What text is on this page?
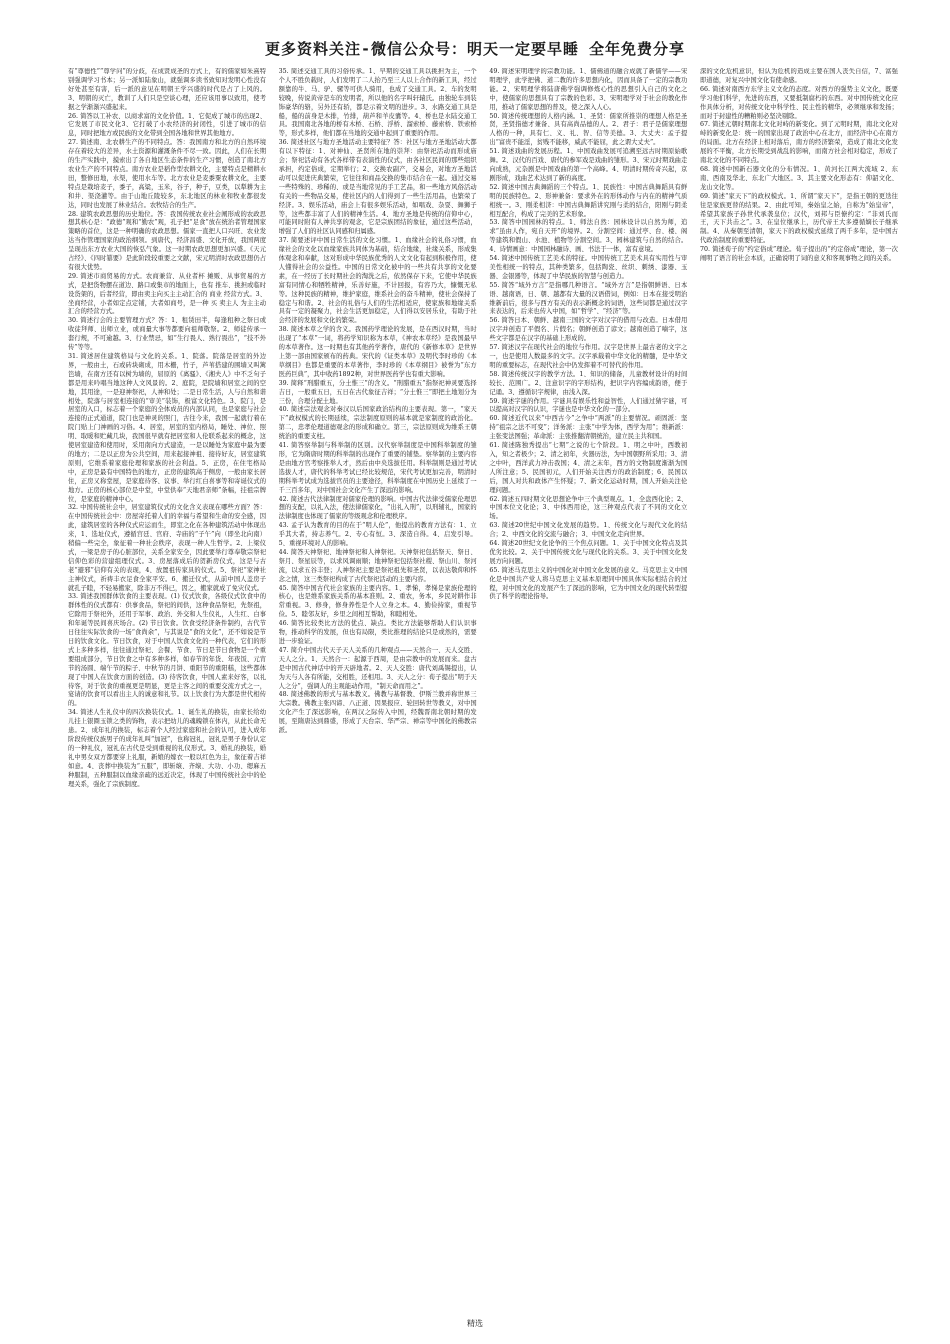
更多资料关注-微信公众号：明天一定要早睡 全年免费分享

有“尊德性”“尊学问”的分歧，在成贤成圣的方式上，有的儒家如朱熹特别强调学习书本；另一派如陆象山，就强调多读书致知对发明心性没有好处甚至有害，后一派的意见在明朝王学兴盛的时代是占了上风的。3、明朝的灭亡，教训了人们只是空谈心理，还应该用事以致用，使考据之学渐渐兴盛起来。

26. 简答以工补农、以商求富的文化价值。1、它促成了城市的出现2、它发展了市民文化3、它打破了小农经济的封闭性，引进了城市的信息，同时把地方或民族的文化带到全国各地和世界其他地方。

27. 简述南、北农耕生产的不同特点。答：我国南方和北方的自然环境存在着较大的差异，水土资源和灌溉条件不尽一致。因此，人们在长期的生产实践中，摸索出了各自地区生态条件的生产习惯，创造了南北方农业生产的不同特点。南方农业是稻作型农耕文化，主要特点是精耕水田，整修田地，水渠，使用水车等。北方农业是麦黍粟农耕文化，主要特点是栽培麦子，黍子，高粱，玉米，谷子，种子，豆类，以犁耕为主和井、渠浇灌等。由于山地丘陵较多，东北地区的林业和牧业都很发达，同时也发展了林业结合。农牧结合的生产。

28. 建筑农政思想的历史地位。答：我国传统农业社会阐形成的农政思想其核心是：“政德”观和“勤农”观，孔子把“足食”放在统治者管理国家策略的首位，这是一种明确的农政思想。儒家一直把人口兴旺、农业发达当作管理国家的政治纲领。到唐代，经济昌盛、文化开放，我国两度呈现出东方农业大国的恢弘气象。这一时期农政思想更加兴盛。《天元占经》、《四时纂要》是此阶段较重要之文献，宋元明清时农政思想仍占有很大优势。

29. 简述市商贸易的方式。农商兼营、从业者杯 摊贩、从事贸易的方式，是把货物摆在道边、路口或集市的地面上，也有 推车、挑担或临时设货架的，后者经营，即由卖主向买主主动汇合的 商业 经营方式。3、坐商经营，小者如定点定铺，大者如商号，是一种 买 卖主人 为主主动汇合的经营方式。

30. 简述行会的主要管理方式？答：1、租赁田半，每逢租种之祭日或收徒拜师、出师立业，或商量大事等都要向祖师敬祭。2、师徒传承一套行规，不可逾越。3、行业禁忌，如“生行畏人、熟行畏出”，“技不外传”等等。

31. 简述居住建筑格局与文化的关系。1、院落。院落是居室的外边界，一般由土，石或砖块砌成，用木栅，竹子，芦苇搭建的围墙又叫篱笆墙，在南方还有以树为墙的，屈原的《离骚》、《湘夫人》中不乏句子都是用来吟唱当地这种人文风景的。2、庭院，是院墙和居室之间的空地，其用途，一是迎神祭祀，人神和处；二是日常生活，人与自然和谐相处，院落与居室相连接的“审美”装饰，极富文化特色。3、院门，是居室的入口，标志着一个家庭的全体成员的内部认同，也是家庭与社会连接的正式通道，院门也是神灵的照门，古往今来，我国一起就行着在院门贴上门神画的习俗。4、居室，居室的室内格局，睡处、神位、照明、取暖和贮藏几块，我国很早就有把居室和人伦联系起来的概念，这使居室建造和使用时，采用南向方式建造，一是以睡处为家庭中最为要的地方；二是以正房为公共空间，用来起接神祖、接待好友，居室建筑原则，它维系着家庭伦理和家族的社会利益。5、正房，在住宅格局中，正房是最有中国特色的地方，正房的建筑高于侧房，一般由家长居住，正房又称堂屋，是家庭待客、议事、举行红白喜事等和寄诞仪式的地方。正房的核心部位是中堂，中堂供奉“天地君亲师”条幅，挂祖宗牌位，是家庭的精神中心。

32. 中国传统社会中，居室建筑仪式的文化含义表现在哪些方面？答：在中国传统社会中：房屋寄托着人们的幸福与希望和生命的安全感，因此，建筑居室的各种仪式应运而生，即室之化在各种建筑活动中体现出来，1、选址仪式，遵循宫廷、官府、寺庙的“子午”向（即坐北向南）稍偏一些完全，象征着一种社会秩序，表现一种人生哲学。2、上梁仪式，一梁是房子的心脏部位，关系全家安全，因此要举行尊奉敬宗祭祀信仰色彩的营建组理仪式。3、房屋落成后的贺新房仪式，这是与古老“避邪”信仰有关的表现，4、放置祖传家具的仪式。5、祭祀“家神社主神仪式，祈祷丰衣足食全家平安。6、搬迁仪式，从前中国人盖房子就孔子睦，不轻易搬家，除非万不得已，因之，搬家就成了免灾仪式。

33. 简述我国群体饮食的主要表现。(1) 仪式饮食，各级仪式饮食中的群体性的仪式都有：供事食品，祭祀的间供，这种食品祭祀，先祭祖，它除用于祭祀外，还用于军事、政治、外交和人生仪礼，人生红、白事和年诞等民间喜庆场合。(2) 节日饮食。饮食受经济条件制约，古代节日往往实际饮食的一场“食尚余”，与其说是“食的文化”，还不如说是节日的饮食文化。节日饮食，对于中国人饮食文化的一种代表，它们的形式上多种多样，往往通过祭祀、会餐、节食、节日是节日食物是一个重要组成部分，节日饮食之中有多种多样，如春节的年货、年夜饭、元宵节的汤圆、端午节的粽子、中秋节的月饼、重阳节的重阳糕，这些都体现了中国人在饮食方面的创造。(3) 待客饮食，中国人素来好客，以礼待客，对于饮食的重视更是明显，更是主客之间的重要交流方式之一，宴请的饮食可以看出主人的诚意和礼节。以上饮食行为大都是世代相传的。

34. 简述人生礼仪中的四次换装仪式。1、诞生礼的换装，由家长给幼儿挂上银圈玉锁之类的饰物，表示把幼儿的魂魄锁在体内，从此长命无患。2、成年礼的换装，标志着个人经过家庭和社会的认可，进入成年阶段传统仪族男子的成年礼叫“加冠”，也称冠礼，冠礼是男子身份认定的一种礼仪，冠礼在古代是受到重视的礼仪形式。3、婚礼的换装，婚礼中男女双方都要穿上礼服，新娘的嫁衣一般以红色为主，象征着吉祥如意。4、丧葬中换装为“五服”，即斩缞、齐缞、大功、小功、缌麻五种服制，五种服制以血缘亲疏的远近决定，体现了中国传统社会中的伦理关系，强化了宗族制度。

35. 简述交通工具的习俗传承。1、早期的交通工具以挑担为主，一个个人不胜负载时，人们发明了二人抬乃至三人以上合作的新工具，经过额靠的牛、马、驴、骡等可供人骑用，也成了交通工具。2、车的发明较晚，传说黄帝是车的发明者，所以他的名字叫轩辕氏。由独轮车到装饰豪华的辂，另外还有轿，都是示着文明的进步。3、水路交通工具是船，船的前身是木排，竹排，葫芦和羊皮囊等。4、桥也是水陆交通工具。我国南北各地的桥有木桥、石桥、浮桥、溜索桥、藤索桥、铁索桥等，形式多样，他们都在当地的交通中起到了重要的作用。

36. 简述社区与地方圣地活动主要特征？答：社区与地方圣地活动大都有以下特征：1、对神仙、圣贤所在地的崇拜：由祭祀活动而形成庙会；祭祀活动有各式各样带有表演性的仪式，由各社区民间的那些组织承担，约定俗成，定期举行；2、交换农副产，交易会，对地方圣地活动可以促进庆典繁荣，它往往和商品交换的集市结合在一起。通过交易一些特殊的、珍稀的、或是当地常见的手工艺品，和一些地方风俗活动有关的一些物品交易，使社区内的人们得到了一些生活用品，也繁荣了经济。3、娱乐活动，庙会上有很多娱乐活动，如唱戏、杂耍、舞狮子等，这些都丰富了人们的精神生活。4、地方圣地是传统的信仰中心，可能同时附有人神共享的观念，它是宗族团结的象征，通过这些活动，增强了人们的社区认同感和归属感。

37. 简要述评中国日常生活的文化习惯。1、血缘社会的礼俗习惯，血缘社会的文化以血缘家族共同体为基础，结合地缘，社缘关系，形成集体观念和奉献，这对形成中华民族优秀的人文文化有起到积极作用，使人懂得社会的公益性。中国的日常文化被中的一些共有共享的文化要素，在一经历了长时期社会的淘洗之后，依然保存下来，它使中华民族富有同情心和牺牲精神，乐善好施，不计回报，有容乃大，慷慨无私等。这种民族的精神，维护家庭，维系社会的奋斗精神，使社会保持了稳定与和谐。2、社会的礼俗与人们的生活相适应，使家族和地缘关系具有一定的凝聚力，社会生活更加稳定，人们得以安居乐业，有助于社会经济的发展和文化的繁荣。

38. 简述本草之学的含义。我国药学理论的发展，是在西汉时期，当时出现了“本草”一词，将药学知识称为本草，《神农本草经》是我国最早的本草著作。这一时期也有其他药学著作，唐代的《新修本草》是世界上第一部由国家颁布的药典。宋代的《证类本草》及明代李时珍的《本草纲目》也都是重要的本草著作，李时珍的《本草纲目》被誉为“东方医药巨典”，其中收药1892种，对世界医药学也有重大影响。

39. 简释“刑腊重五，分土惟三”的含义。“刑腊重五”指祭祀神灵要选择吉日，一般重五日，五日在古代象征吉祥；“分土惟三”即把土地划分为三份，合理分配土地。

40. 简述宗法观念对秦汉以后国家政治结构的主要表现。第一，“家天下”政权模式的长期延续，宗法制度原则的基本就是家制度的政治化。第二，忠孝伦理道德观念的形成和确立。第三，宗法原则成为维系王朝统治的重要支柱。

41. 简答察举制与科举制的区别。汉代察举制度是中国科举制度的雏形，它为隋唐时期的科举制的出现作了重要的铺垫。察举制的主要内容是由地方官考察推举人才，然后由中央选拔任用。科举制则是通过考试选拔人才，唐代的科举考试已经比较规范，宋代考试更加完善，明清时期科举考试成为选拔官员的主要途径，科举制度在中国历史上延续了一千三百多年，对中国社会文化产生了深远的影响。

42. 简述古代法律制度对儒家伦理的影响。中国古代法律受儒家伦理思想的支配，以礼入法，使法律儒家化，“出礼入刑”，以刑辅礼，国家的法律制度也体现了儒家的等级观念和伦理秩序。

43. 孟子认为教育的目的在于“明人伦”，他提出的教育方法有：1、立乎其大者，持志养气。2、专心有恒。3、深造自得。4、启发引导。5、重视环境对人的影响。

44. 简答天神祭祀、地神祭祀和人神祭祀。天神祭祀包括祭天、祭日、祭月、祭星辰等，以求风调雨顺；地神祭祀包括祭社稷、祭山川、祭河流，以求五谷丰登；人神祭祀主要是祭祀祖先和圣贤，以表达敬仰和怀念之情，这三类祭祀构成了古代祭祀活动的主要内容。

45. 简答中国古代社会家族的主要内容。1、孝悌，孝悌是家族伦理的核心，也是维系家族关系的基本准则。2、重农，务本，乡民对耕作非常重视。3、修身，修身养性是个人立身之本。4、勤俭持家，重视节俭。5、睦邻友好，乡里之间相互帮助，和睦相处。

46. 简答比较类比方法的优点、缺点。类比方法能够帮助人们认识事物，推动科学的发展，但也有局限，类比推理的结论只是或然的，需要进一步验证。

47. 简介中国古代天子天人关系的几种观点——天然合一、天人交胜、天人之分。1、天然合一：起源于西周，是由宗教中的发展而来。盘古是中国古代神话中的开天辟地者。2、天人交胜：唐代刘禹锡提出，认为天与人各有所能，交相胜，还相用。3、天人之分：荀子提出“明于天人之分”，强调人的主观能动作用，“制天命而用之”。

48. 简述佛教的形式与基本教义。佛教与基督教、伊斯兰教并称世界三大宗教。佛教主张四谛、八正道、因果报应、轮回转世等教义，对中国文化产生了深远影响，在两汉之际传入中国，经魏晋南北朝时期的发展，至隋唐达到鼎盛，形成了天台宗、华严宗、禅宗等中国化的佛教宗派。

49. 简述宋明理学的宗教功能。1、儒佛道的融合成就了新儒学——宋明理学，此学把佛、道二教的许多思想内化，因而具备了一定的宗教功能。2、宋明理学将陆唐佛学强调修炼心性的思想引入自己的文化之中，使儒家的思想具有了宗教的色彩。3、宋明理学对于社会的教化作用，推动了儒家思想的普及，使之深入人心。

50. 简述传统理想的人格内涵。1、圣贤：儒家所推崇的理想人格是圣贤，圣贤指德才兼备、具有高尚品德的人。2、君子：君子是儒家理想人格的一种，具有仁、义、礼、智、信等美德。3、大丈夫：孟子提出“富贵不能淫，贫贱不能移，威武不能屈，此之谓大丈夫”。

51. 简述戏曲的发展历程。1、中国戏曲发展可追溯至远古时期原始歌舞。2、汉代的百戏、唐代的参军戏是戏曲的雏形。3、宋元时期戏曲走向成熟，元杂剧是中国戏曲的第一个高峰。4、明清时期传奇兴起，京剧形成，戏曲艺术达到了新的高度。

52. 简述中国古典舞蹈的三个特点。1、民族性：中国古典舞蹈具有鲜明的民族特色。2、形神兼备：要求外在的形体动作与内在的精神气质相统一。3、刚柔相济：中国古典舞蹈讲究刚与柔的结合，阳刚与阴柔相互配合，构成了完美的艺术形象。

53. 简答中国园林的特点。1、师法自然：园林设计以自然为师，追求“虽由人作，宛自天开”的境界。2、分割空间：通过亭、台、楼、阁等建筑和假山、水池、植物等分割空间。3、园林建筑与自然的结合。4、诗情画意：中国园林融诗、画、书法于一体，富有意境。

54. 简述中国传统工艺美术的特征。中国传统工艺美术具有实用性与审美性相统一的特点，其种类繁多，包括陶瓷、丝织、刺绣、漆器、玉器、金银器等，体现了中华民族的智慧与创造力。

55. 简答“域外方言”是指哪几种语言。“域外方言”是指朝鲜语、日本语、越南语，日、朝、越都有大量的汉语借词，例如：日本在接受明治维新前后，很多与西方有关的表示新概念的词语，这些词都是通过汉字来表达的，后来也传入中国，如“哲学”、“经济”等。

56. 简答日本、朝鲜、越南三国的文字对汉字的借用与改造。日本借用汉字并创造了平假名、片假名；朝鲜创造了谚文；越南创造了喃字，这些文字都是在汉字的基础上形成的。

57. 简述汉字在现代社会的地位与作用。汉字是世界上最古老的文字之一，也是使用人数最多的文字。汉字承载着中华文化的精髓，是中华文明的重要标志，在现代社会中仍发挥着不可替代的作用。

58. 简述传统汉字的教学方法。1、知识的储备，儿童教材设计的时间较长、范围广。2、注意识字的字形结构，把识字内容编成韵语，便于记诵。3、遵循识字规律，由浅入深。

59. 简述字谜的作用。字谜具有娱乐性和益智性，人们通过猜字谜，可以提高对汉字的认识，字谜也是中华文化的一部分。

60. 简述近代以来“中西古今”之争中“两派”的主要情况。顽固派：坚持“祖宗之法不可变”；洋务派：主张“中学为体，西学为用”；维新派：主张变法图强；革命派：主张推翻清朝统治，建立民主共和国。

61. 简述陈独秀提出“七期”之说的七个阶段。1、明之中叶，西教初入，知之者极少；2、清之初年，火器历法，为中国朝野所采用；3、清之中叶，西洋武力冲击我国；4、清之末年，西方的文物制度渐渐为国人所注意；5、民国初元，人们开始关注西方的政治制度；6、民国以后，国人对共和政体产生怀疑；7、新文化运动时期，国人开始关注伦理问题。

62. 简述五四时期文化思想论争中三个典型观点。1、全盘西化论；2、中国本位文化论；3、中体西用论，这三种观点代表了不同的文化立场。

63. 简述20世纪中国文化发展的趋势。1、传统文化与现代文化的结合；2、中西文化的交流与融合；3、中国文化走向世界。

64. 简述20世纪文化论争的三个焦点问题。1、关于中国文化特点及其优劣比较。2、关于中国传统文化与现代化的关系。3、关于中国文化发展方向问题。

65. 简述马克思主义的中国化对中国文化发展的意义。马克思主义中国化是中国共产党人将马克思主义基本原理同中国具体实际相结合的过程，对中国文化的发展产生了深远的影响，它为中国文化的现代转型提供了科学的理论指导。

深的文化危机意识，但认为危机的造成主要在国人丧失自信，7、富强即道德，对复兴中国文化有使命感。

66. 简述对南西方东学主义文化的态度。对西方的强势主义文化，既要学习他们科学，先进的东西，又要抵制腐朽的东西。对中国传统文化应作具体分析，对传统文化中科学性、民主性的精华，必须继承和发扬；而对于封建性的糟粕则必坚决剔除。

67. 简述元朝时期南北文化对峙的新变化。到了元明时期，南北文化对峙的新变化是：统一的国家出现了政治中心在北方，而经济中心在南方的局面。北方在经济上相对落后，南方的经济繁荣，造成了南北文化发展的不平衡，北方长期受到战乱的影响，而南方社会相对稳定，形成了南北文化的不同特点。

68. 简述中国新石器文化的分布情况。1、黄河长江两大流域 2、东南、西南及华北、东北广大地区。3、其主要文化形态有：仰韶文化、龙山文化等。

69. 简述“家天下”的政权模式。1、所谓“家天下”，是指王朝的更迭往往是家族更替的结果。2、由此可知，秦始皇之始，自称为“始皇帝”，希望其家族子孙世代承袭皇位；汉代，刘邦与臣僚约定：“非刘氏而王，天下共击之”。3、在皇位继承上，历代帝王大多遵循嫡长子继承制。4、从秦朝至清朝，家天下的政权模式延续了两千多年，是中国古代政治制度的重要特征。

70. 简述荀子的“约定俗成”理论。荀子提出的“约定俗成”理论，第一次阐明了语言的社会本质，正确说明了词的意义和客观事物之间的关系。

精选
